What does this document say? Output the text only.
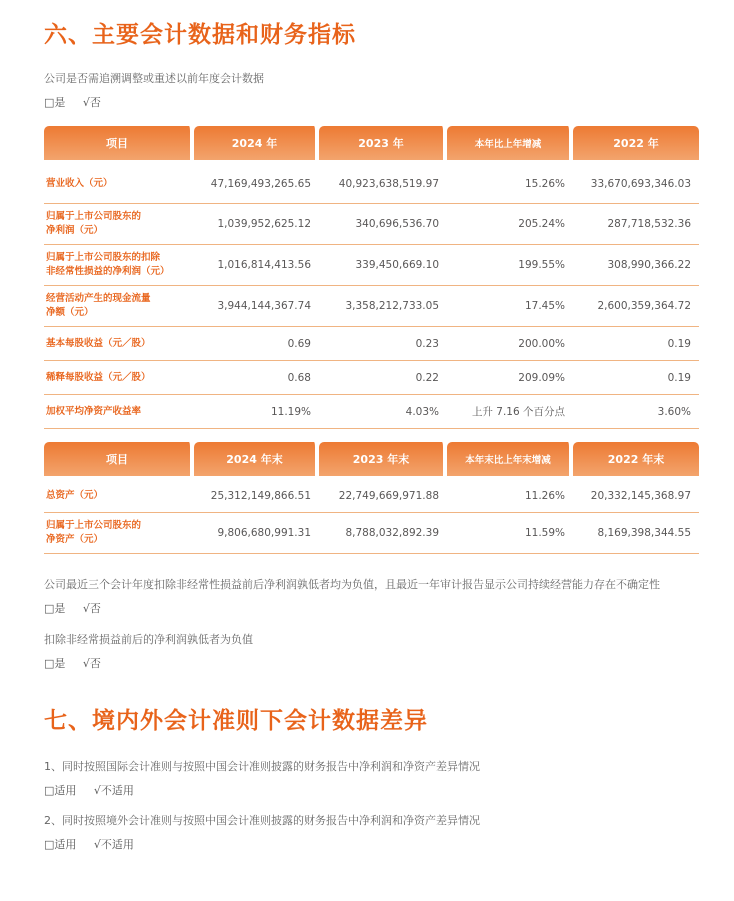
六、主要会计数据和财务指标
公司是否需追溯调整或重述以前年度会计数据
□是 √否
项目	2024 年	2023 年	本年比上年增减	2022 年
营业收入（元）	47,169,493,265.65	40,923,638,519.97	15.26%	33,670,693,346.03
归属于上市公司股东的
净利润（元）	1,039,952,625.12	340,696,536.70	205.24%	287,718,532.36
归属于上市公司股东的扣除
非经常性损益的净利润（元）	1,016,814,413.56	339,450,669.10	199.55%	308,990,366.22
经营活动产生的现金流量
净额（元）	3,944,144,367.74	3,358,212,733.05	17.45%	2,600,359,364.72
基本每股收益（元／股）	0.69	0.23	200.00%	0.19
稀释每股收益（元／股）	0.68	0.22	209.09%	0.19
加权平均净资产收益率	11.19%	4.03%	上升 7.16 个百分点	3.60%
项目	2024 年末	2023 年末	本年末比上年末增减	2022 年末
总资产（元）	25,312,149,866.51	22,749,669,971.88	11.26%	20,332,145,368.97
归属于上市公司股东的
净资产（元）	9,806,680,991.31	8,788,032,892.39	11.59%	8,169,398,344.55
公司最近三个会计年度扣除非经常性损益前后净利润孰低者均为负值，且最近一年审计报告显示公司持续经营能力存在不确定性
□是 √否
扣除非经常损益前后的净利润孰低者为负值
□是 √否
七、境内外会计准则下会计数据差异
1、同时按照国际会计准则与按照中国会计准则披露的财务报告中净利润和净资产差异情况
□适用 √不适用
2、同时按照境外会计准则与按照中国会计准则披露的财务报告中净利润和净资产差异情况
□适用 √不适用
